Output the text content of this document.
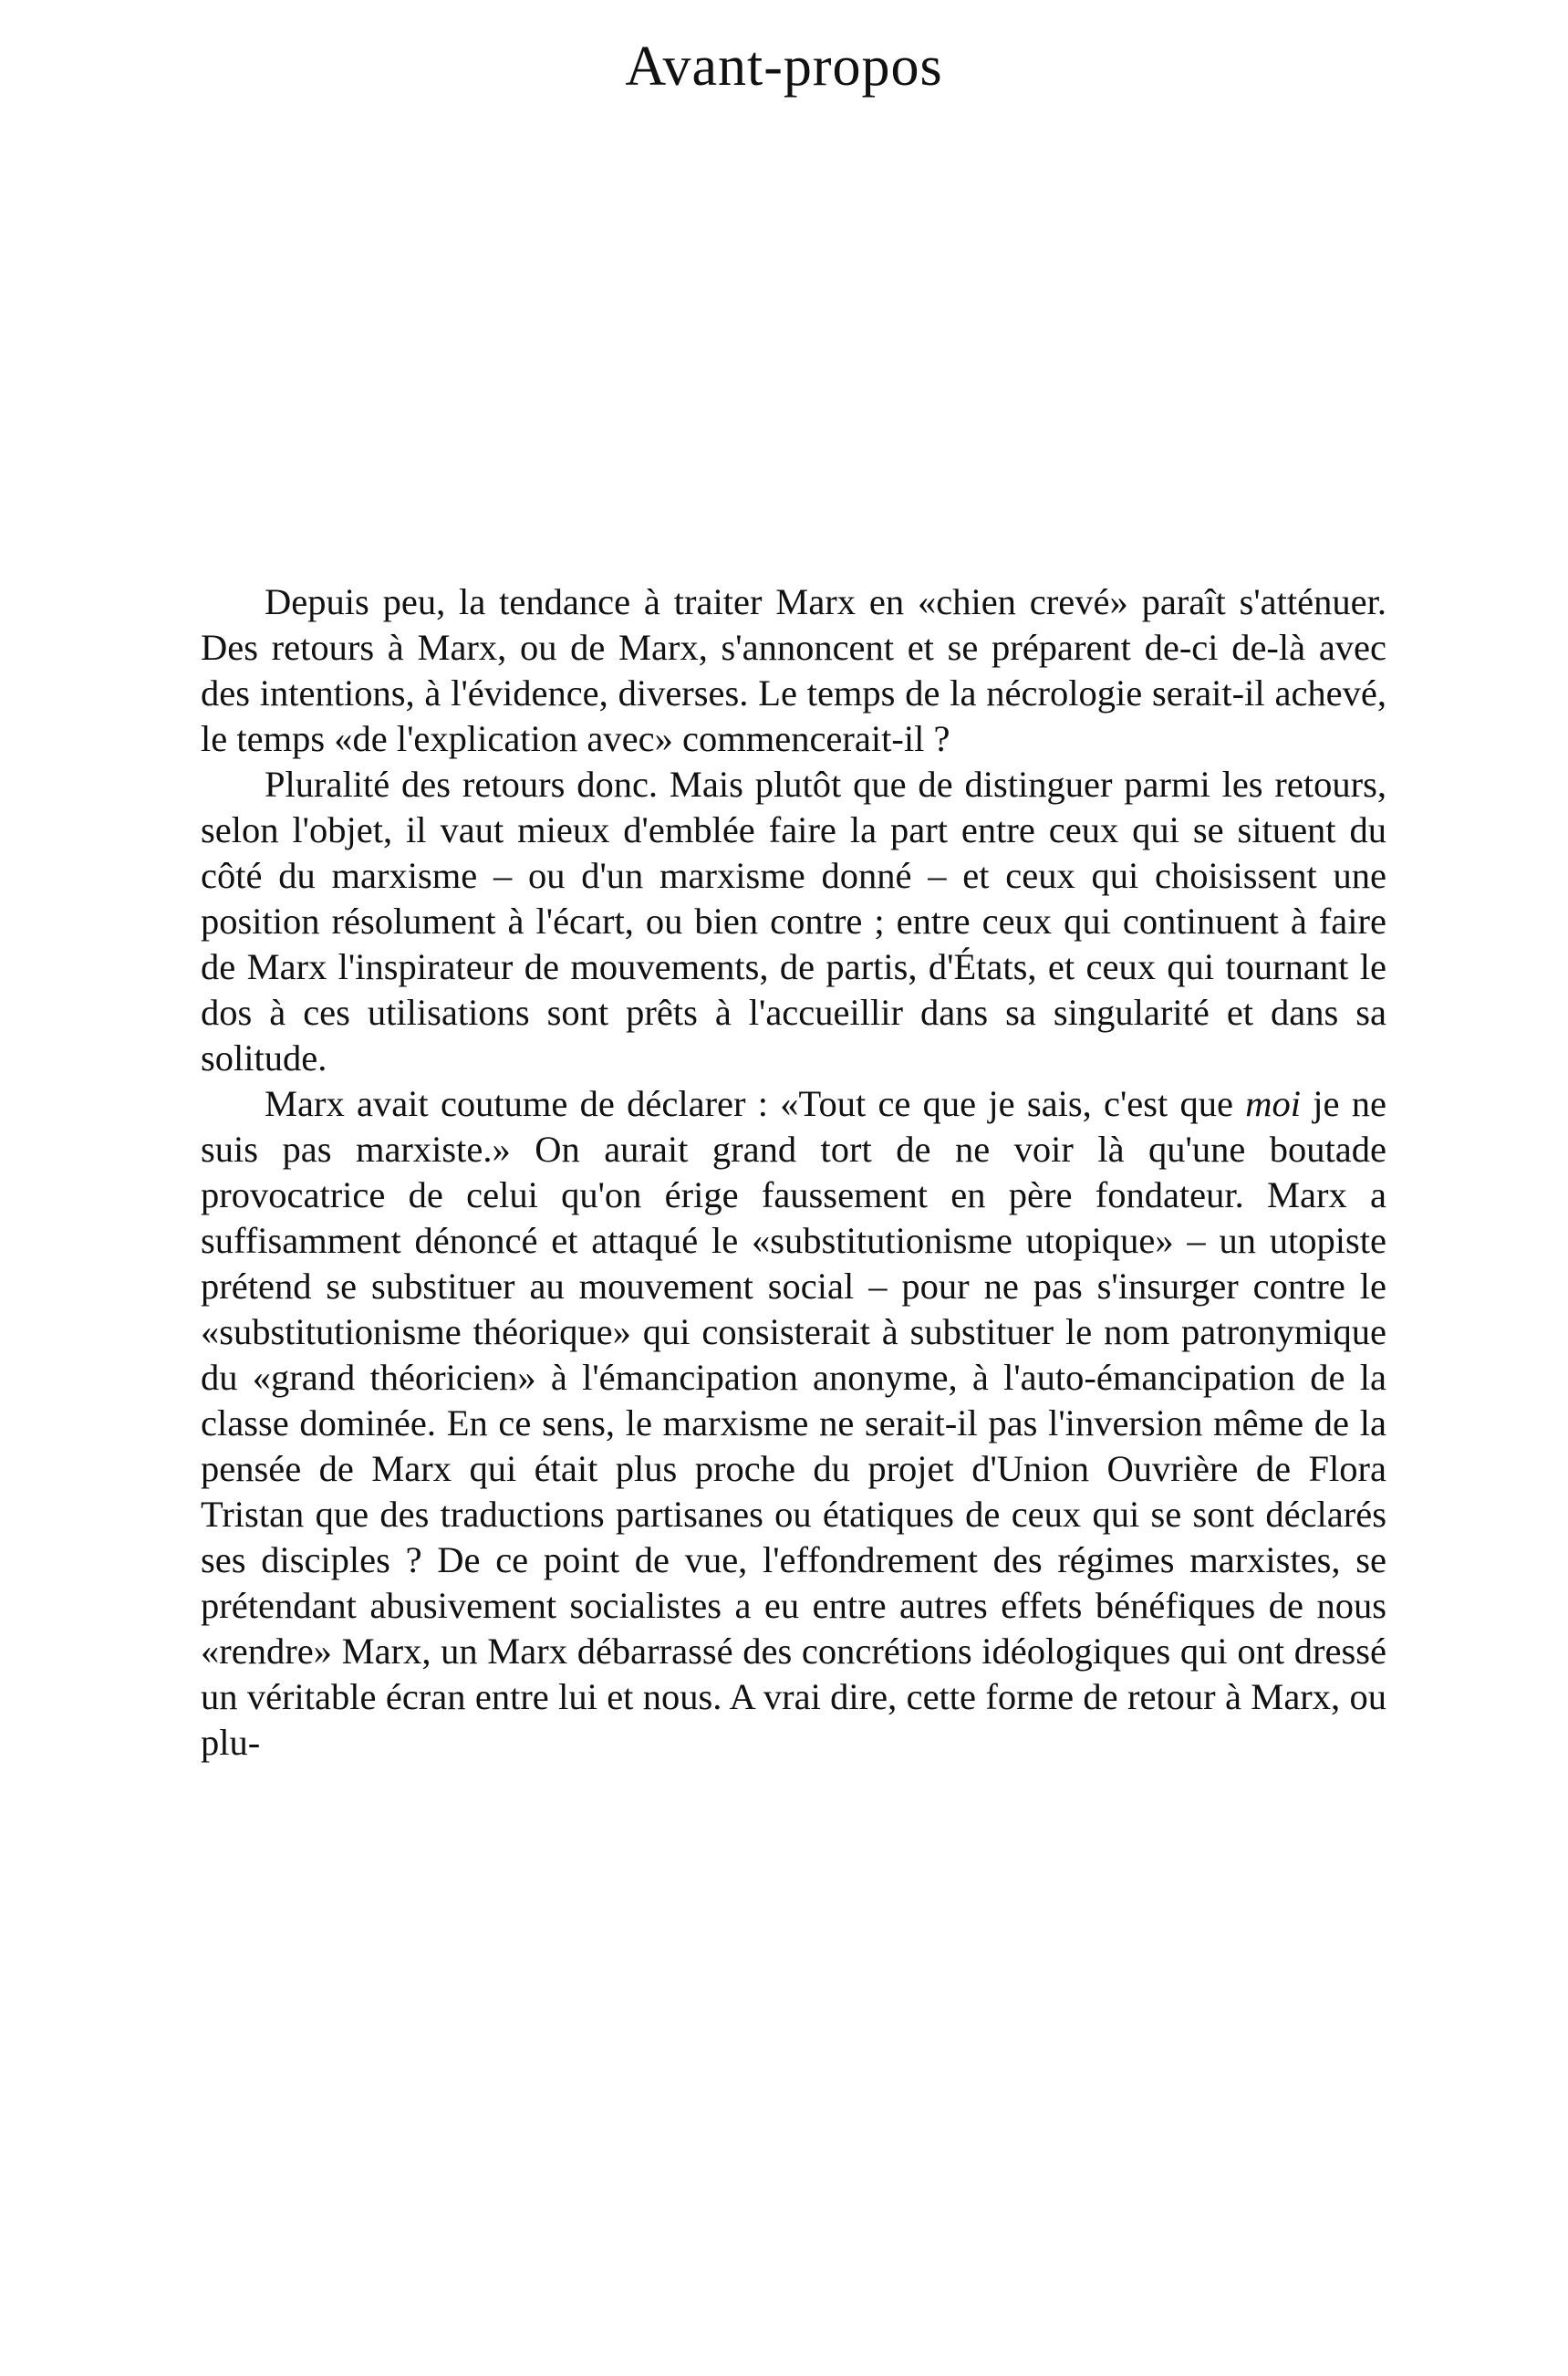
Avant-propos

Depuis peu, la tendance à traiter Marx en «chien crevé» paraît s'atténuer. Des retours à Marx, ou de Marx, s'annoncent et se préparent de-ci de-là avec des intentions, à l'évidence, diverses. Le temps de la nécrologie serait-il achevé, le temps «de l'explication avec» commencerait-il ?

Pluralité des retours donc. Mais plutôt que de distinguer parmi les retours, selon l'objet, il vaut mieux d'emblée faire la part entre ceux qui se situent du côté du marxisme – ou d'un marxisme donné – et ceux qui choisissent une position résolument à l'écart, ou bien contre ; entre ceux qui continuent à faire de Marx l'inspirateur de mouvements, de partis, d'États, et ceux qui tournant le dos à ces utilisations sont prêts à l'accueillir dans sa singularité et dans sa solitude.

Marx avait coutume de déclarer : «Tout ce que je sais, c'est que moi je ne suis pas marxiste.» On aurait grand tort de ne voir là qu'une boutade provocatrice de celui qu'on érige faussement en père fondateur. Marx a suffisamment dénoncé et attaqué le «substitutionisme utopique» – un utopiste prétend se substituer au mouvement social – pour ne pas s'insurger contre le «substitutionisme théorique» qui consisterait à substituer le nom patronymique du «grand théoricien» à l'émancipation anonyme, à l'auto-émancipation de la classe dominée. En ce sens, le marxisme ne serait-il pas l'inversion même de la pensée de Marx qui était plus proche du projet d'Union Ouvrière de Flora Tristan que des traductions partisanes ou étatiques de ceux qui se sont déclarés ses disciples ? De ce point de vue, l'effondrement des régimes marxistes, se prétendant abusivement socialistes a eu entre autres effets bénéfiques de nous «rendre» Marx, un Marx débarrassé des concrétions idéologiques qui ont dressé un véritable écran entre lui et nous. A vrai dire, cette forme de retour à Marx, ou plu-
